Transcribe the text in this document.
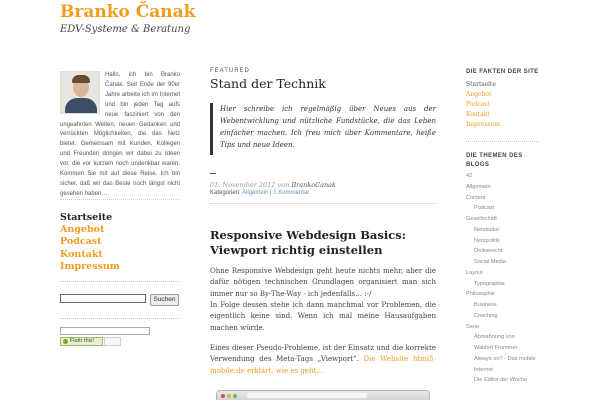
Branko Čanak
EDV-Systeme & Beratung
Hallo, ich bin Branko Čanak. Seit Ende der 90er Jahre arbeite ich im Internet und bin jeden Tag aufs neue fasziniert von den ungeahnten Weiten, neuen Gedanken und verrückten Möglichkeiten, die das Netz bietet. Gemeinsam mit Kunden, Kollegen und Freunden dringen wir dabei zu Ideen vor, die vor kurzem noch undenkbar waren. Kommen Sie mit auf diese Reise. Ich bin sicher, daß wir das Beste noch längst nicht gesehen haben…
Startseite
Angebot
Podcast
Kontakt
Impressum
Suchen
Flattr this!
FEATURED
Stand der Technik
Hier schreibe ich regelmäßig über Neues aus der Webentwicklung und nützliche Fundstücke, die das Leben einfacher machen. Ich freu mich über Kommentare, heiße Tips und neue Ideen.
01. November 2012 von BrankoCanak
Kategorien: Allgemein | 1 Kommentar
Responsive Webdesign Basics: Viewport richtig einstellen
Ohne Responsive Webdesign geht heute nichts mehr, aber die dafür nötigen technischen Grundlagen organisiert man sich immer nur so By-The-Way - ich jedenfalls… :-/
In Folge dessen stehe ich dann manchmal vor Problemen, die eigentlich keine sind. Wenn ich mal meine Hausaufgaben machen würde.
Eines dieser Pseudo-Probleme, ist der Einsatz und die korrekte Verwendung des Meta-Tags „Viewport“. Die Website html5-mobile.de erklärt, wie es geht…
DIE FAKTEN DER SITE
Startseite
Angebot
Podcast
Kontakt
Impressum
DIE THEMEN DES BLOGS
42
Allgemein
Content
Podcast
Gesellschaft
Netzkultur
Netzpolitik
Onlinerecht
Social Media
Layout
Typographie
Philosophie
Business
Coaching
Serie
Abmahnung von
Waldorf Frommer
Always on? - Das mobile
Internet
Die Editor der Woche
